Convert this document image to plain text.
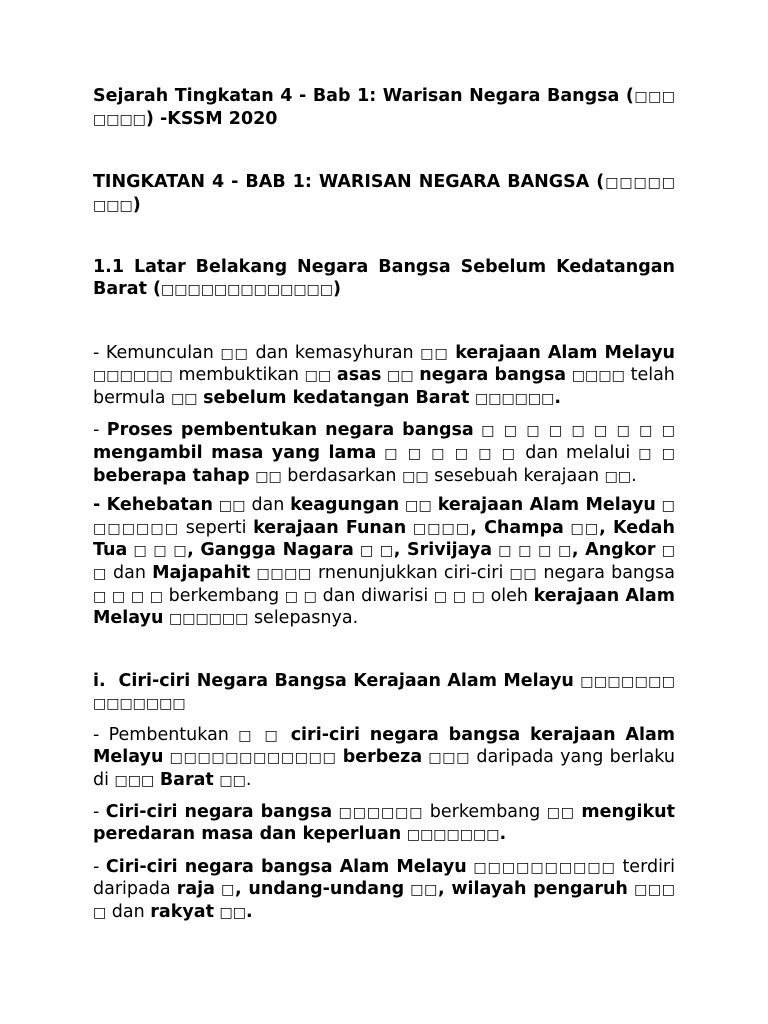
Sejarah Tingkatan 4 - Bab 1: Warisan Negara Bangsa (□□□□□□□) -KSSM 2020

TINGKATAN 4 - BAB 1: WARISAN NEGARA BANGSA (□□□□□□□□)

1.1 Latar Belakang Negara Bangsa Sebelum Kedatangan Barat (□□□□□□□□□□□□□)

- Kemunculan □□ dan kemasyhuran □□ kerajaan Alam Melayu □□□□□□ membuktikan □□ asas □□ negara bangsa □□□□ telah bermula □□ sebelum kedatangan Barat □□□□□□.

- Proses pembentukan negara bangsa □ □ □ □ □ □ □ □ □ mengambil masa yang lama □ □ □ □ □ □ dan melalui □ □ beberapa tahap □□ berdasarkan □□ sesebuah kerajaan □□.

- Kehebatan □□ dan keagungan □□ kerajaan Alam Melayu □□□□□□□ seperti kerajaan Funan □□□□, Champa □□, Kedah Tua □ □ □, Gangga Nagara □ □, Srivijaya □ □ □ □, Angkor □ □ dan Majapahit □□□□ rnenunjukkan ciri-ciri □□ negara bangsa □ □ □ □ berkembang □ □ dan diwarisi □ □ □ oleh kerajaan Alam Melayu □□□□□□ selepasnya.

i.  Ciri-ciri Negara Bangsa Kerajaan Alam Melayu □□□□□□□□□□□□□□

- Pembentukan □ □ ciri-ciri negara bangsa kerajaan Alam Melayu □□□□□□□□□□□□ berbeza □□□ daripada yang berlaku di □□□ Barat □□.

- Ciri-ciri negara bangsa □□□□□□ berkembang □□ mengikut peredaran masa dan keperluan □□□□□□□.

- Ciri-ciri negara bangsa Alam Melayu □□□□□□□□□□ terdiri daripada raja □, undang-undang □□, wilayah pengaruh □□□□ dan rakyat □□.
